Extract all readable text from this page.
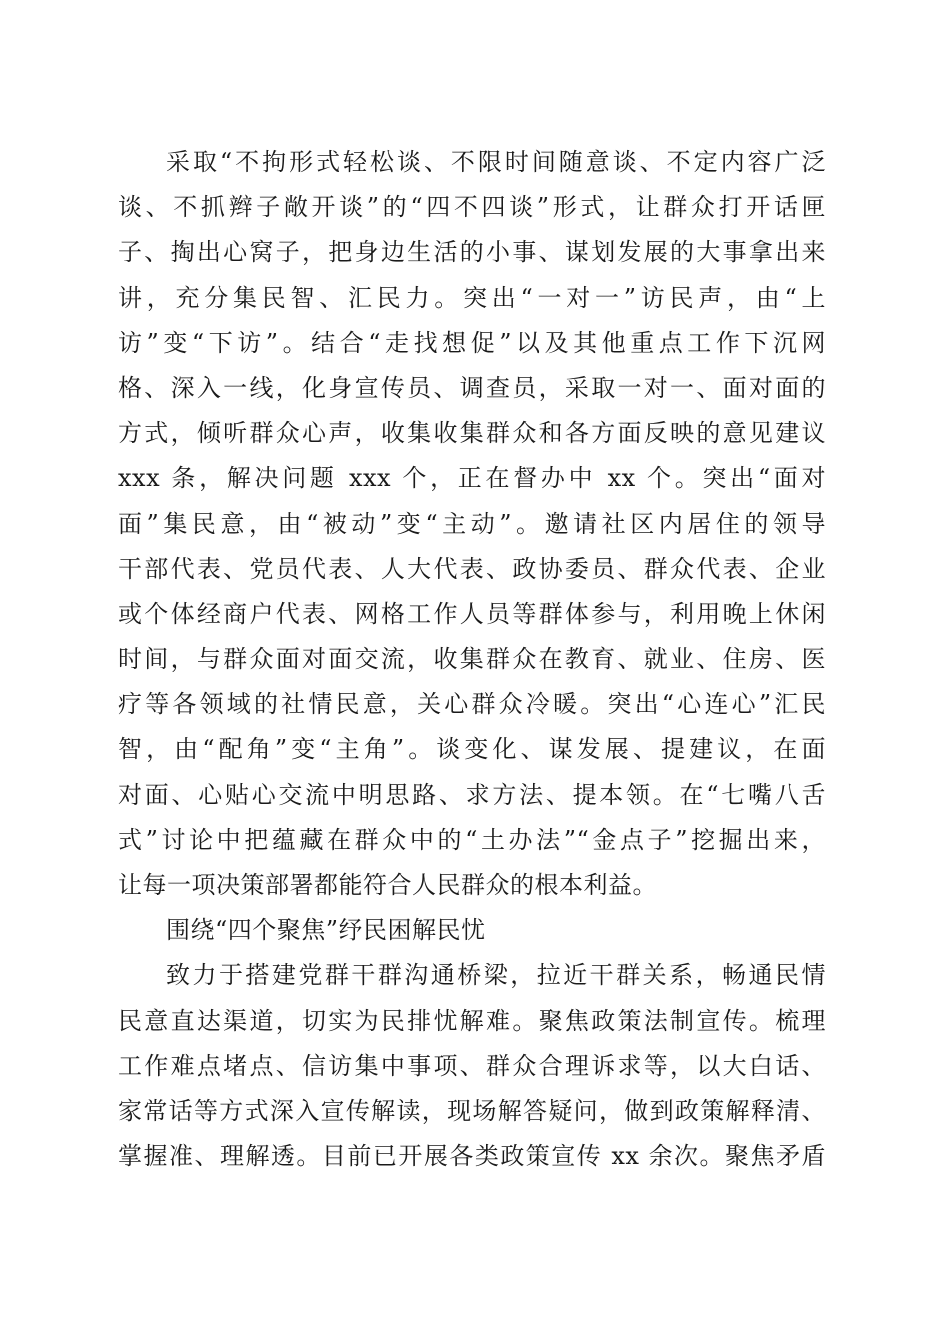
采取“不拘形式轻松谈、不限时间随意谈、不定内容广泛
谈、不抓辫子敞开谈”的“四不四谈”形式，让群众打开话匣
子、掏出心窝子，把身边生活的小事、谋划发展的大事拿出来
讲，充分集民智、汇民力。突出“一对一”访民声，由“上
访”变“下访”。结合“走找想促”以及其他重点工作下沉网
格、深入一线，化身宣传员、调查员，采取一对一、面对面的
方式，倾听群众心声，收集收集群众和各方面反映的意见建议
xxx 条，解决问题 xxx 个，正在督办中 xx 个。突出“面对
面”集民意，由“被动”变“主动”。邀请社区内居住的领导
干部代表、党员代表、人大代表、政协委员、群众代表、企业
或个体经商户代表、网格工作人员等群体参与，利用晚上休闲
时间，与群众面对面交流，收集群众在教育、就业、住房、医
疗等各领域的社情民意，关心群众冷暖。突出“心连心”汇民
智，由“配角”变“主角”。谈变化、谋发展、提建议，在面
对面、心贴心交流中明思路、求方法、提本领。在“七嘴八舌
式”讨论中把蕴藏在群众中的“土办法”“金点子”挖掘出来，
让每一项决策部署都能符合人民群众的根本利益。
围绕“四个聚焦”纾民困解民忧
致力于搭建党群干群沟通桥梁，拉近干群关系，畅通民情
民意直达渠道，切实为民排忧解难。聚焦政策法制宣传。梳理
工作难点堵点、信访集中事项、群众合理诉求等，以大白话、
家常话等方式深入宣传解读，现场解答疑问，做到政策解释清、
掌握准、理解透。目前已开展各类政策宣传 xx 余次。聚焦矛盾
